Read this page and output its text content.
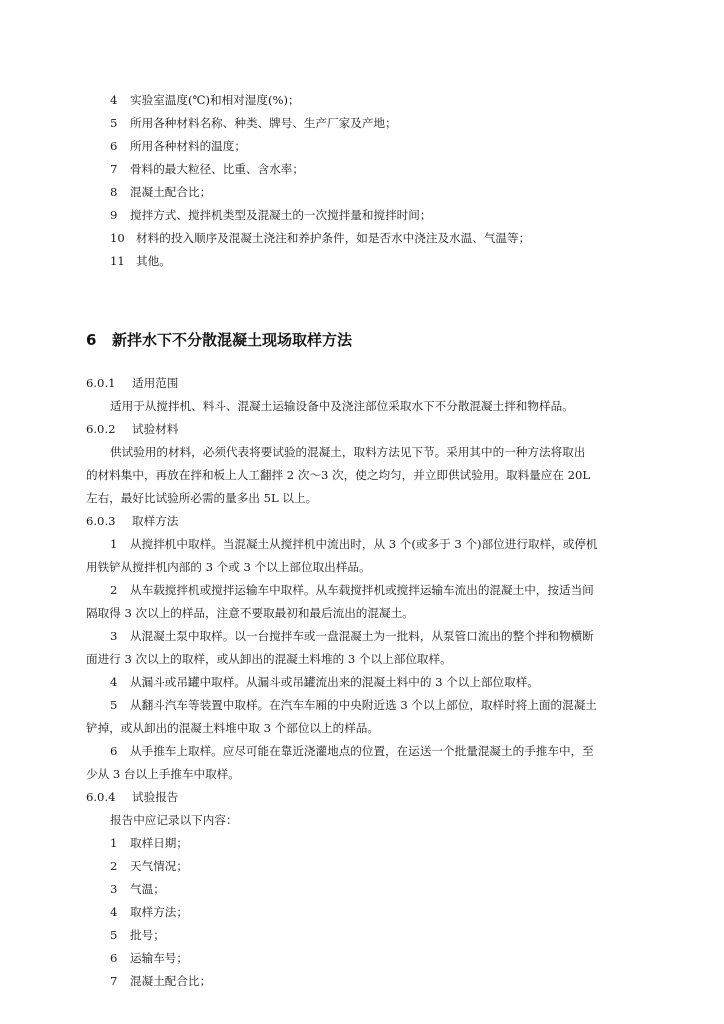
4 实验室温度(℃)和相对湿度(%)；
5 所用各种材料名称、种类、牌号、生产厂家及产地；
6 所用各种材料的温度；
7 骨料的最大粒径、比重、含水率；
8 混凝土配合比；
9 搅拌方式、搅拌机类型及混凝土的一次搅拌量和搅拌时间；
10 材料的投入顺序及混凝土浇注和养护条件，如是否水中浇注及水温、气温等；
11 其他。
6 新拌水下不分散混凝土现场取样方法
6.0.1 适用范围
适用于从搅拌机、料斗、混凝土运输设备中及浇注部位采取水下不分散混凝土拌和物样品。
6.0.2 试验材料
供试验用的材料，必须代表将要试验的混凝土，取料方法见下节。采用其中的一种方法将取出
的材料集中，再放在拌和板上人工翻拌 2 次～3 次，使之均匀，并立即供试验用。取料量应在 20L
左右，最好比试验所必需的量多出 5L 以上。
6.0.3 取样方法
1 从搅拌机中取样。当混凝土从搅拌机中流出时，从 3 个(或多于 3 个)部位进行取样，或停机
用铁铲从搅拌机内部的 3 个或 3 个以上部位取出样品。
2 从车载搅拌机或搅拌运输车中取样。从车载搅拌机或搅拌运输车流出的混凝土中，按适当间
隔取得 3 次以上的样品，注意不要取最初和最后流出的混凝土。
3 从混凝土泵中取样。以一台搅拌车或一盘混凝土为一批料，从泵管口流出的整个拌和物横断
面进行 3 次以上的取样，或从卸出的混凝土料堆的 3 个以上部位取样。
4 从漏斗或吊罐中取样。从漏斗或吊罐流出来的混凝土料中的 3 个以上部位取样。
5 从翻斗汽车等装置中取样。在汽车车厢的中央附近选 3 个以上部位，取样时将上面的混凝土
铲掉，或从卸出的混凝土料堆中取 3 个部位以上的样品。
6 从手推车上取样。应尽可能在靠近浇灌地点的位置，在运送一个批量混凝土的手推车中，至
少从 3 台以上手推车中取样。
6.0.4 试验报告
报告中应记录以下内容：
1 取样日期；
2 天气情况；
3 气温；
4 取样方法；
5 批号；
6 运输车号；
7 混凝土配合比；
